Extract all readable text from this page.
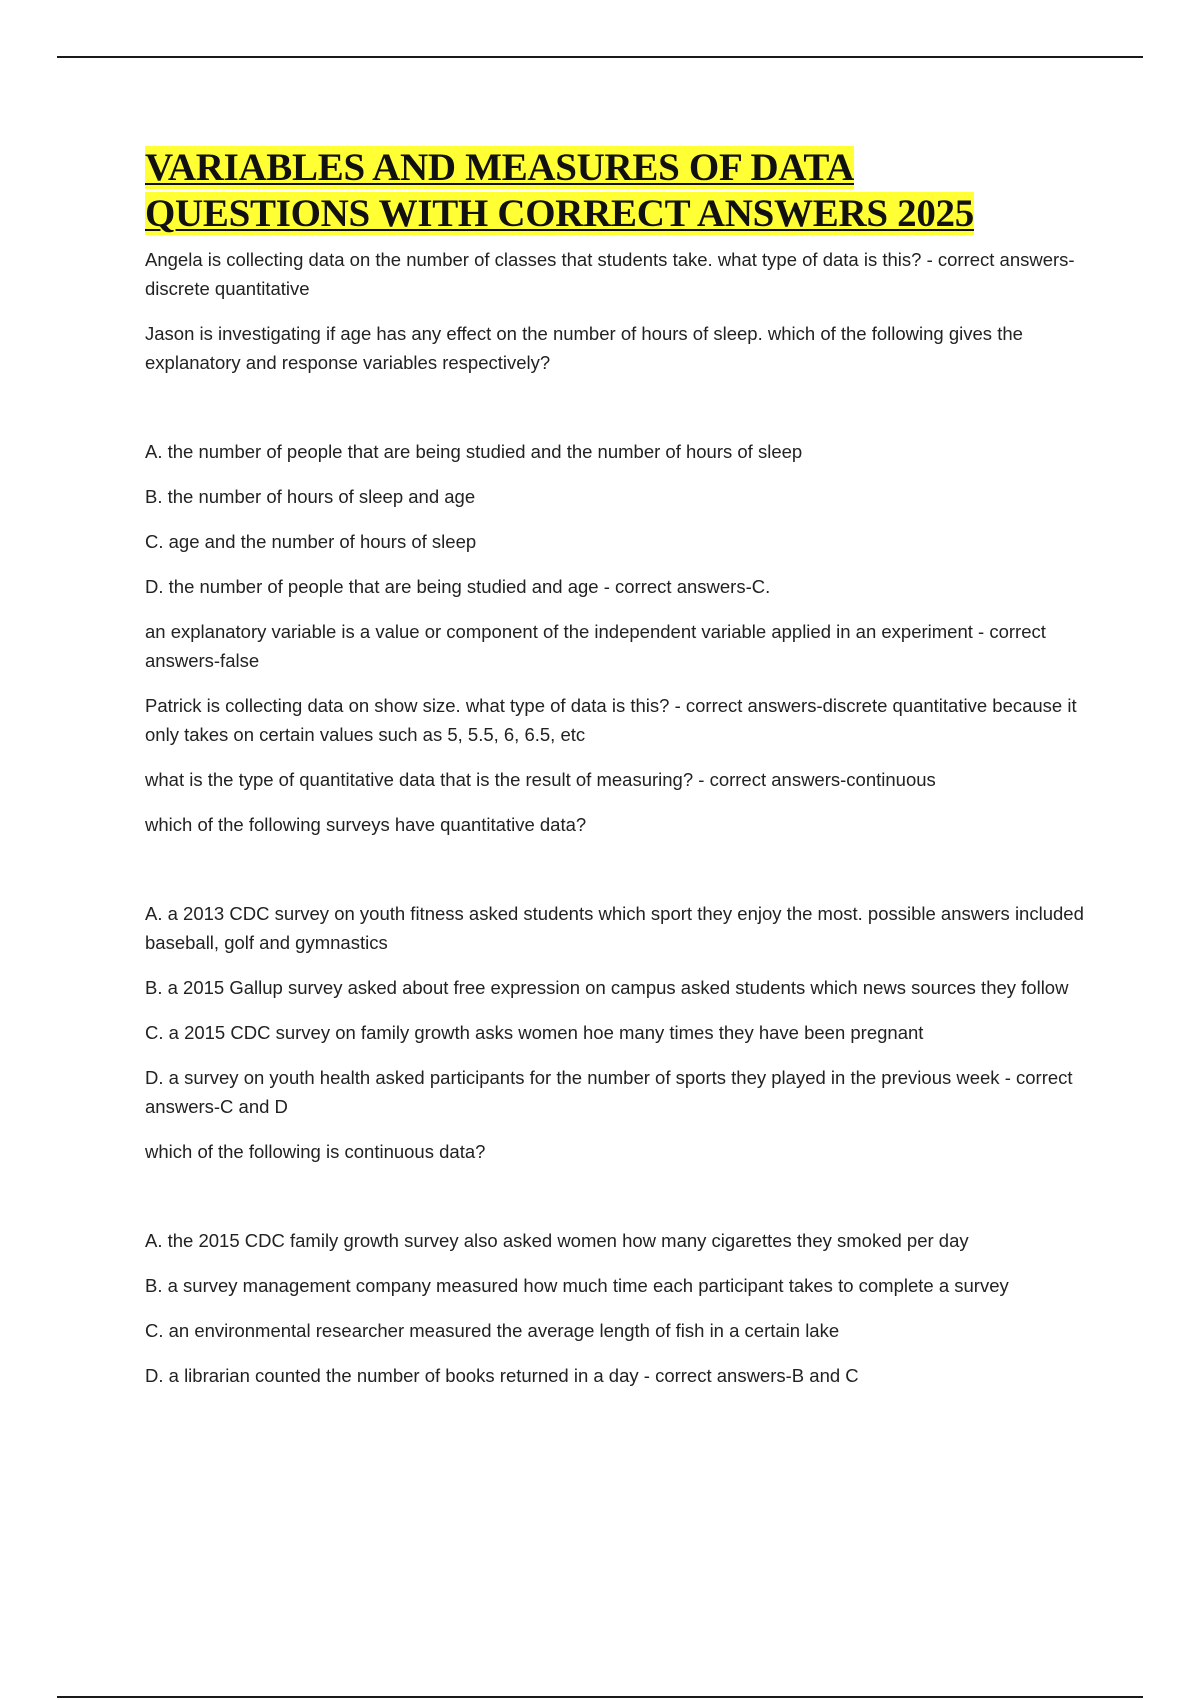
VARIABLES AND MEASURES OF DATA
QUESTIONS WITH CORRECT ANSWERS 2025

Angela is collecting data on the number of classes that students take. what type of data is this? - correct answers-discrete quantitative

Jason is investigating if age has any effect on the number of hours of sleep. which of the following gives the explanatory and response variables respectively?

A. the number of people that are being studied and the number of hours of sleep

B. the number of hours of sleep and age

C. age and the number of hours of sleep

D. the number of people that are being studied and age - correct answers-C.

an explanatory variable is a value or component of the independent variable applied in an experiment - correct answers-false

Patrick is collecting data on show size. what type of data is this? - correct answers-discrete quantitative because it only takes on certain values such as 5, 5.5, 6, 6.5, etc

what is the type of quantitative data that is the result of measuring? - correct answers-continuous

which of the following surveys have quantitative data?

A. a 2013 CDC survey on youth fitness asked students which sport they enjoy the most. possible answers included baseball, golf and gymnastics

B. a 2015 Gallup survey asked about free expression on campus asked students which news sources they follow

C. a 2015 CDC survey on family growth asks women hoe many times they have been pregnant

D. a survey on youth health asked participants for the number of sports they played in the previous week - correct answers-C and D

which of the following is continuous data?

A. the 2015 CDC family growth survey also asked women how many cigarettes they smoked per day

B. a survey management company measured how much time each participant takes to complete a survey

C. an environmental researcher measured the average length of fish in a certain lake

D. a librarian counted the number of books returned in a day - correct answers-B and C
